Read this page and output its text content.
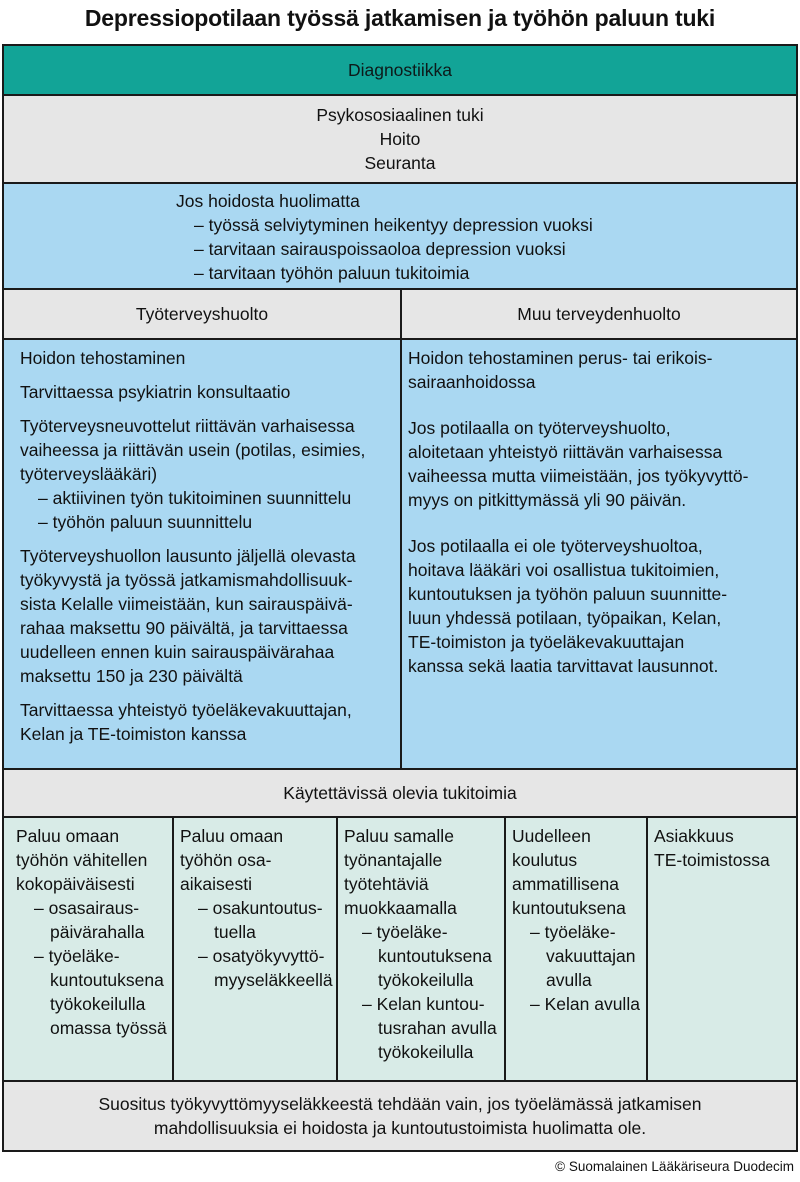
Depressiopotilaan työssä jatkamisen ja työhön paluun tuki
Diagnostiikka
Psykososiaalinen tuki
Hoito
Seuranta
Jos hoidosta huolimatta
– työssä selviytyminen heikentyy depression vuoksi
– tarvitaan sairauspoissaoloa depression vuoksi
– tarvitaan työhön paluun tukitoimia
Työterveyshuolto	Muu terveydenhuolto
Hoidon tehostaminen
Tarvittaessa psykiatrin konsultaatio
Työterveysneuvottelut riittävän varhaisessa
vaiheessa ja riittävän usein (potilas, esimies,
työterveyslääkäri)
– aktiivinen työn tukitoiminen suunnittelu
– työhön paluun suunnittelu
Työterveyshuollon lausunto jäljellä olevasta
työkyvystä ja työssä jatkamismahdollisuuk-
sista Kelalle viimeistään, kun sairauspäivä-
rahaa maksettu 90 päivältä, ja tarvittaessa
uudelleen ennen kuin sairauspäivärahaa
maksettu 150 ja 230 päivältä
Tarvittaessa yhteistyö työeläkevakuuttajan,
Kelan ja TE-toimiston kanssa
Hoidon tehostaminen perus- tai erikois-
sairaanhoidossa
Jos potilaalla on työterveyshuolto,
aloitetaan yhteistyö riittävän varhaisessa
vaiheessa mutta viimeistään, jos työkyvyttö-
myys on pitkittymässä yli 90 päivän.
Jos potilaalla ei ole työterveyshuoltoa,
hoitava lääkäri voi osallistua tukitoimien,
kuntoutuksen ja työhön paluun suunnitte-
luun yhdessä potilaan, työpaikan, Kelan,
TE-toimiston ja työeläkevakuuttajan
kanssa sekä laatia tarvittavat lausunnot.
Käytettävissä olevia tukitoimia
Paluu omaan
työhön vähitellen
kokopäiväisesti
– osasairaus-
päivärahalla
– työeläke-
kuntoutuksena
työkokeilulla
omassa työssä
Paluu omaan
työhön osa-
aikaisesti
– osakuntoutus-
tuella
– osatyökyvyttö-
myyseläkkeellä
Paluu samalle
työnantajalle
työtehtäviä
muokkaamalla
– työeläke-
kuntoutuksena
työkokeilulla
– Kelan kuntou-
tusrahan avulla
työkokeilulla
Uudelleen
koulutus
ammatillisena
kuntoutuksena
– työeläke-
vakuuttajan
avulla
– Kelan avulla
Asiakkuus
TE-toimistossa
Suositus työkyvyttömyyseläkkeestä tehdään vain, jos työelämässä jatkamisen
mahdollisuuksia ei hoidosta ja kuntoutustoimista huolimatta ole.
© Suomalainen Lääkäriseura Duodecim
